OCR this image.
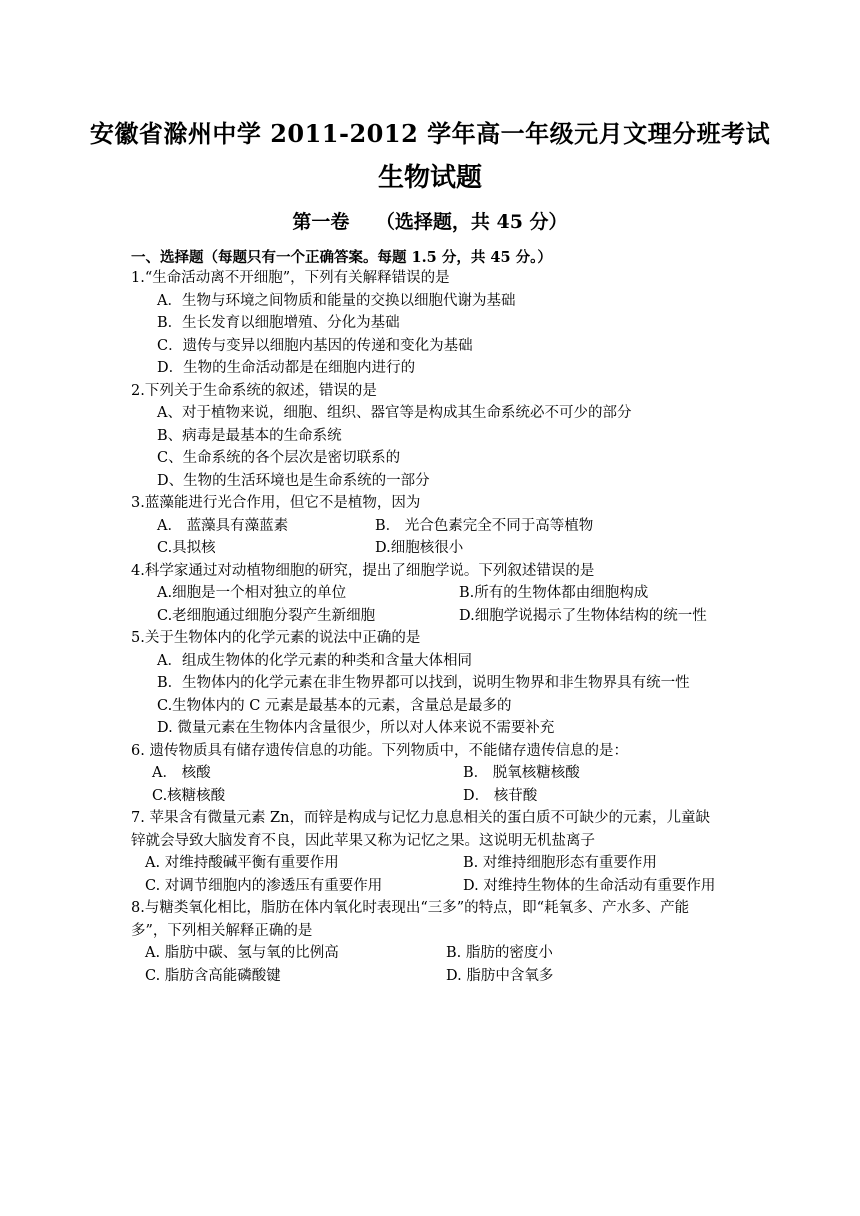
安徽省滁州中学 2011-2012 学年高一年级元月文理分班考试
生物试题
第一卷    （选择题，共 45 分）
一、选择题（每题只有一个正确答案。每题 1.5 分，共 45 分。）
1.“生命活动离不开细胞”，下列有关解释错误的是
A．生物与环境之间物质和能量的交换以细胞代谢为基础
B．生长发育以细胞增殖、分化为基础
C．遗传与变异以细胞内基因的传递和变化为基础
D．生物的生命活动都是在细胞内进行的
2.下列关于生命系统的叙述，错误的是
A、对于植物来说，细胞、组织、器官等是构成其生命系统必不可少的部分
B、病毒是最基本的生命系统
C、生命系统的各个层次是密切联系的
D、生物的生活环境也是生命系统的一部分
3.蓝藻能进行光合作用，但它不是植物，因为
A． 蓝藻具有藻蓝素	B． 光合色素完全不同于高等植物
C.具拟核	D.细胞核很小
4.科学家通过对动植物细胞的研究，提出了细胞学说。下列叙述错误的是
A.细胞是一个相对独立的单位	B.所有的生物体都由细胞构成
C.老细胞通过细胞分裂产生新细胞	D.细胞学说揭示了生物体结构的统一性
5.关于生物体内的化学元素的说法中正确的是
A．组成生物体的化学元素的种类和含量大体相同
B．生物体内的化学元素在非生物界都可以找到，说明生物界和非生物界具有统一性
C.生物体内的 C 元素是最基本的元素，含量总是最多的
D. 微量元素在生物体内含量很少，所以对人体来说不需要补充
6. 遗传物质具有储存遗传信息的功能。下列物质中，不能储存遗传信息的是：
A． 核酸	B． 脱氧核糖核酸
C.核糖核酸	D． 核苷酸
7. 苹果含有微量元素 Zn，而锌是构成与记忆力息息相关的蛋白质不可缺少的元素，儿童缺
锌就会导致大脑发育不良，因此苹果又称为记忆之果。这说明无机盐离子
A. 对维持酸碱平衡有重要作用	B. 对维持细胞形态有重要作用
C. 对调节细胞内的渗透压有重要作用	D. 对维持生物体的生命活动有重要作用
8.与糖类氧化相比，脂肪在体内氧化时表现出“三多”的特点，即“耗氧多、产水多、产能
多”，下列相关解释正确的是
A. 脂肪中碳、氢与氧的比例高	B. 脂肪的密度小
C. 脂肪含高能磷酸键	D. 脂肪中含氧多
